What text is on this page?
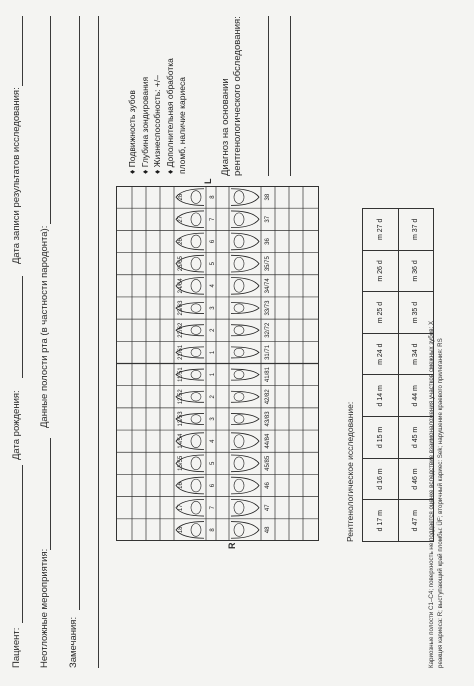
Пациент:
Дата рождения:
Дата записи результатов исследования:
Неотложные мероприятия:
Данные полости рта (в частности пародонта):
Замечания:
18	8	48
17	7	47
16	6	46
15/55	5	45/85
14/54	4	44/84
13/53	3	43/83
12/52	2	42/82
11/51	1	41/81
21/61	1	31/71
22/62	2	32/72
23/63	3	33/73
24/64	4	34/74
25/65	5	35/75
26	6	36
27	7	37
28	8	38
R
L
♦ Подвижность зубов
♦ Глубина зондирования
♦ Жизнеспособность: +/–
♦ Дополнительная обработка пломб, наличие кариеса	Диагноз на основании рентгенологического обследования:
Рентгенологическое исследование:	d 17 m	d 16 m	d 15 m	d 14 m	m 24 d	m 25 d	m 26 d	m 27 d
d 47 m	d 46 m	d 45 m	d 44 m	m 34 d	m 35 d	m 36 d	m 37 d
Кариозные полости С1–С4; поверхность не поддается оценке вследствие взаимоналожения участков смежных зубов: Х реакция кариеса: R; выступающий край пломбы: ÜF; вторичный кариес: Sek; нарушение краевого прилегания: RS
